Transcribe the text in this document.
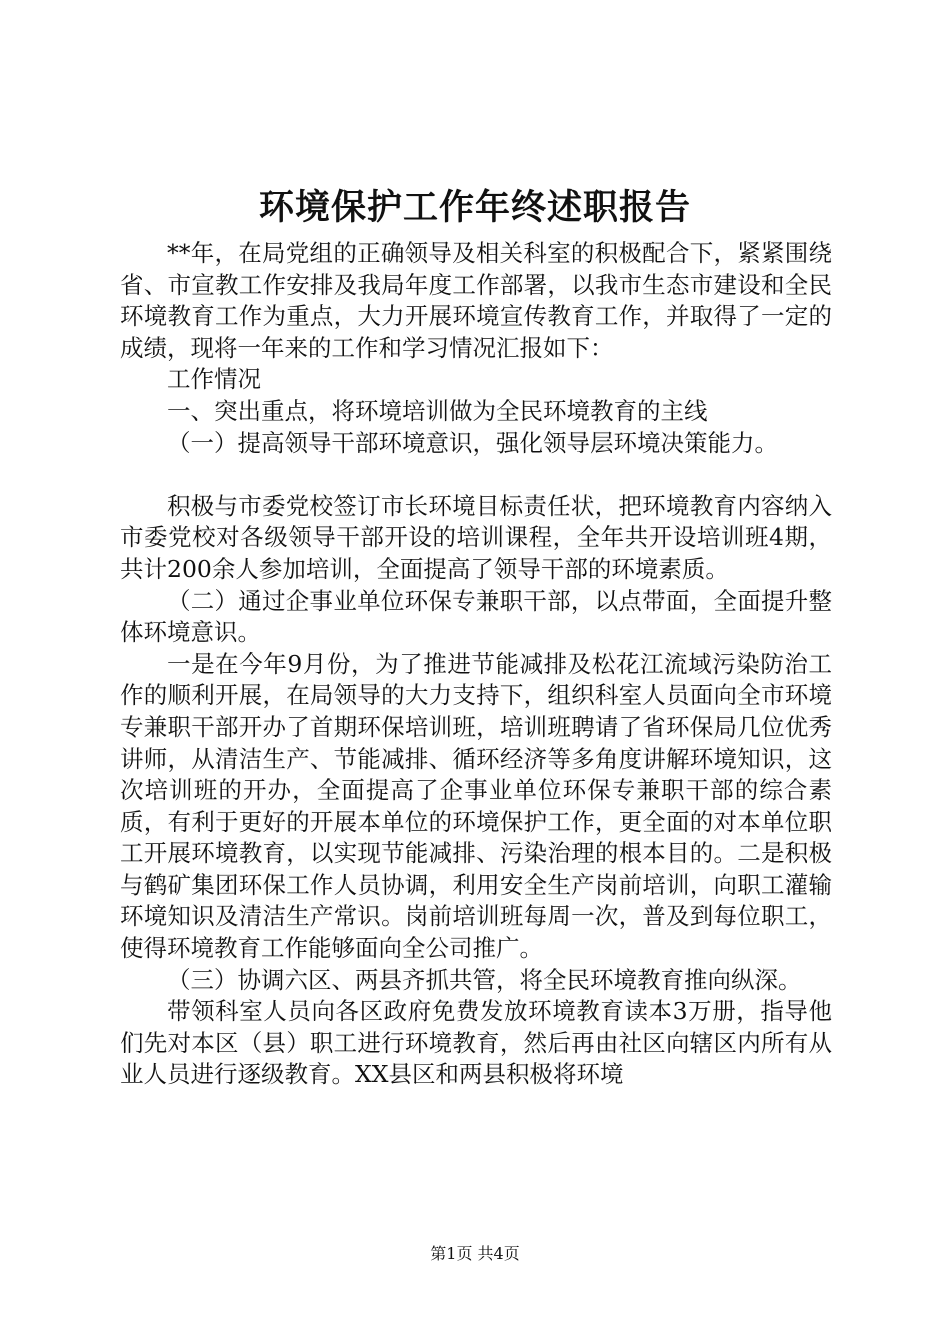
环境保护工作年终述职报告

**年，在局党组的正确领导及相关科室的积极配合下，紧紧围绕省、市宣教工作安排及我局年度工作部署，以我市生态市建设和全民环境教育工作为重点，大力开展环境宣传教育工作，并取得了一定的成绩，现将一年来的工作和学习情况汇报如下：

工作情况

一、突出重点，将环境培训做为全民环境教育的主线

（一）提高领导干部环境意识，强化领导层环境决策能力。

积极与市委党校签订市长环境目标责任状，把环境教育内容纳入市委党校对各级领导干部开设的培训课程，全年共开设培训班4期，共计200余人参加培训，全面提高了领导干部的环境素质。

（二）通过企事业单位环保专兼职干部，以点带面，全面提升整体环境意识。

一是在今年9月份，为了推进节能减排及松花江流域污染防治工作的顺利开展，在局领导的大力支持下，组织科室人员面向全市环境专兼职干部开办了首期环保培训班，培训班聘请了省环保局几位优秀讲师，从清洁生产、节能减排、循环经济等多角度讲解环境知识，这次培训班的开办，全面提高了企事业单位环保专兼职干部的综合素质，有利于更好的开展本单位的环境保护工作，更全面的对本单位职工开展环境教育，以实现节能减排、污染治理的根本目的。二是积极与鹤矿集团环保工作人员协调，利用安全生产岗前培训，向职工灌输环境知识及清洁生产常识。岗前培训班每周一次，普及到每位职工，使得环境教育工作能够面向全公司推广。

（三）协调六区、两县齐抓共管，将全民环境教育推向纵深。

带领科室人员向各区政府免费发放环境教育读本3万册，指导他们先对本区（县）职工进行环境教育，然后再由社区向辖区内所有从业人员进行逐级教育。XX县区和两县积极将环境

第1页 共4页
